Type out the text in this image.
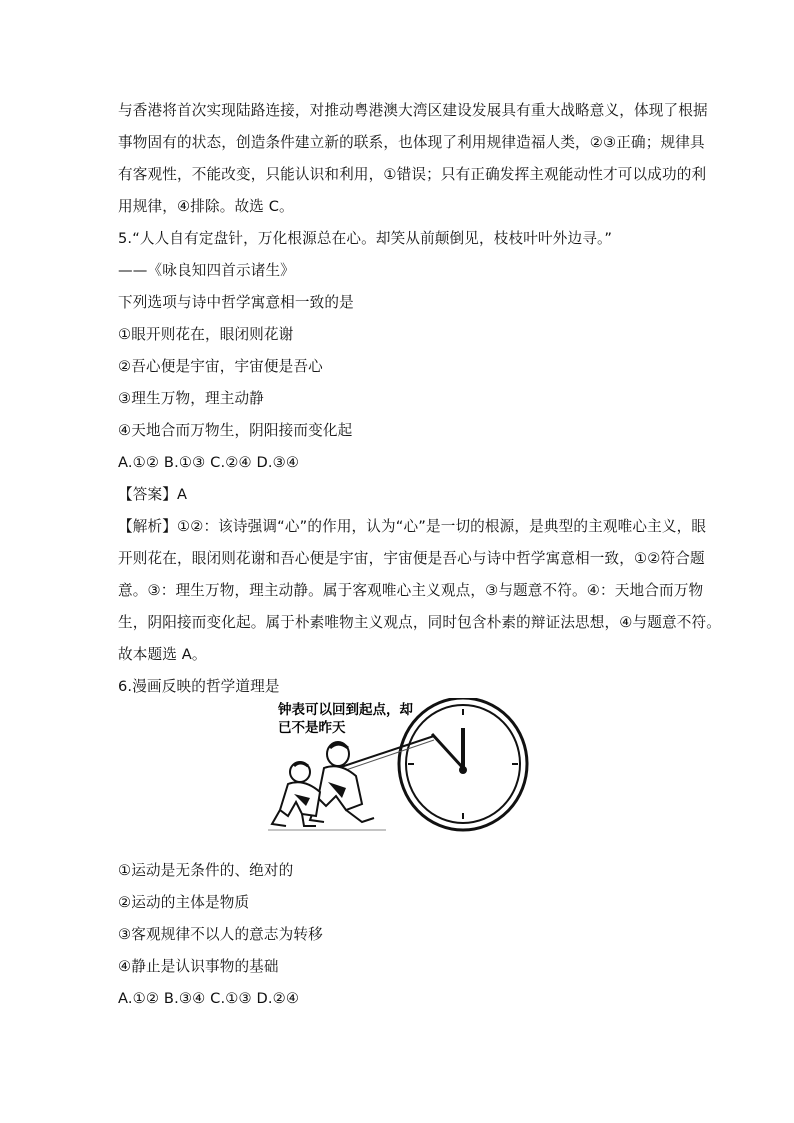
与香港将首次实现陆路连接，对推动粤港澳大湾区建设发展具有重大战略意义，体现了根据
事物固有的状态，创造条件建立新的联系，也体现了利用规律造福人类，②③正确；规律具
有客观性，不能改变，只能认识和利用，①错误；只有正确发挥主观能动性才可以成功的利
用规律，④排除。故选 C。
5.“人人自有定盘针，万化根源总在心。却笑从前颠倒见，枝枝叶叶外边寻。”
——《咏良知四首示诸生》
下列选项与诗中哲学寓意相一致的是
①眼开则花在，眼闭则花谢
②吾心便是宇宙，宇宙便是吾心
③理生万物，理主动静
④天地合而万物生，阴阳接而变化起
A.①② B.①③ C.②④ D.③④
【答案】A
【解析】①②：该诗强调“心”的作用，认为“心”是一切的根源，是典型的主观唯心主义，眼
开则花在，眼闭则花谢和吾心便是宇宙，宇宙便是吾心与诗中哲学寓意相一致，①②符合题
意。③：理生万物，理主动静。属于客观唯心主义观点，③与题意不符。④：天地合而万物
生，阴阳接而变化起。属于朴素唯物主义观点，同时包含朴素的辩证法思想，④与题意不符。
故本题选 A。
6.漫画反映的哲学道理是
钟表可以回到起点，却
已不是昨天
①运动是无条件的、绝对的
②运动的主体是物质
③客观规律不以人的意志为转移
④静止是认识事物的基础
A.①② B.③④ C.①③ D.②④
